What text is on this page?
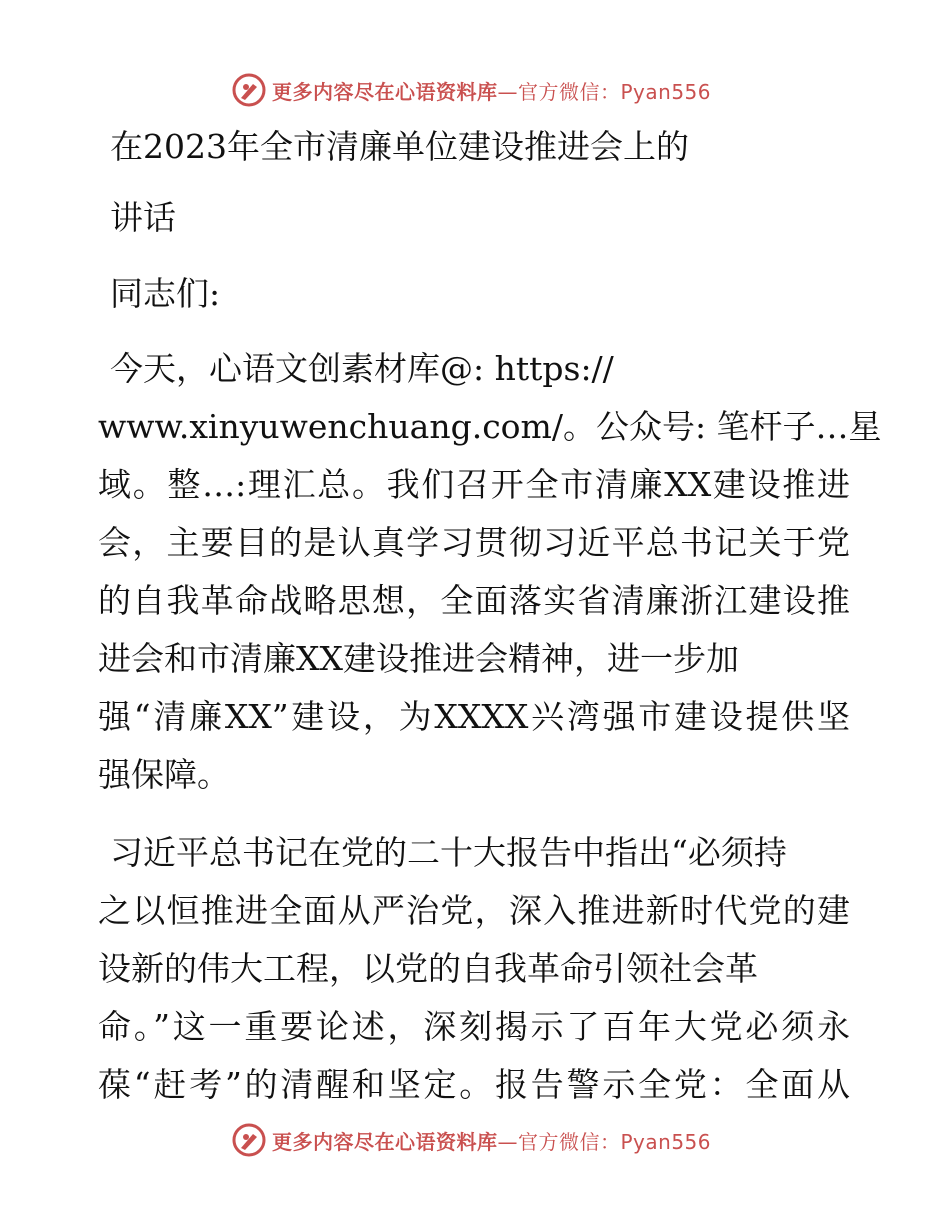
更多内容尽在心语资料库—官方微信：Pyan556
在2023年全市清廉单位建设推进会上的
讲话
同志们:
今天，心语文创素材库@: https://
www.xinyuwenchuang.com/。公众号: 笔杆子…星
域。整…:理汇总。我们召开全市清廉XX建设推进
会，主要目的是认真学习贯彻习近平总书记关于党
的自我革命战略思想，全面落实省清廉浙江建设推
进会和市清廉XX建设推进会精神，进一步加
强“清廉XX”建设，为XXXX兴湾强市建设提供坚
强保障。
习近平总书记在党的二十大报告中指出“必须持
之以恒推进全面从严治党，深入推进新时代党的建
设新的伟大工程，以党的自我革命引领社会革
命。”这一重要论述，深刻揭示了百年大党必须永
葆“赶考”的清醒和坚定。报告警示全党：全面从
更多内容尽在心语资料库—官方微信：Pyan556
